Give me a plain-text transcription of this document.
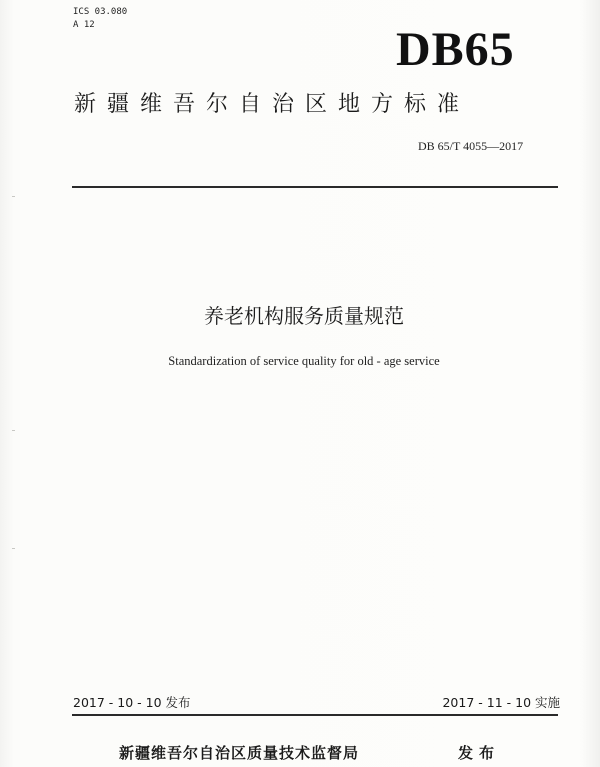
ICS 03.080
A 12	DB65
新疆维吾尔自治区地方标准
DB 65/T 4055—2017
养老机构服务质量规范
Standardization of service quality for old - age service
2017 - 10 - 10 发布	2017 - 11 - 10 实施
新疆维吾尔自治区质量技术监督局	发布
